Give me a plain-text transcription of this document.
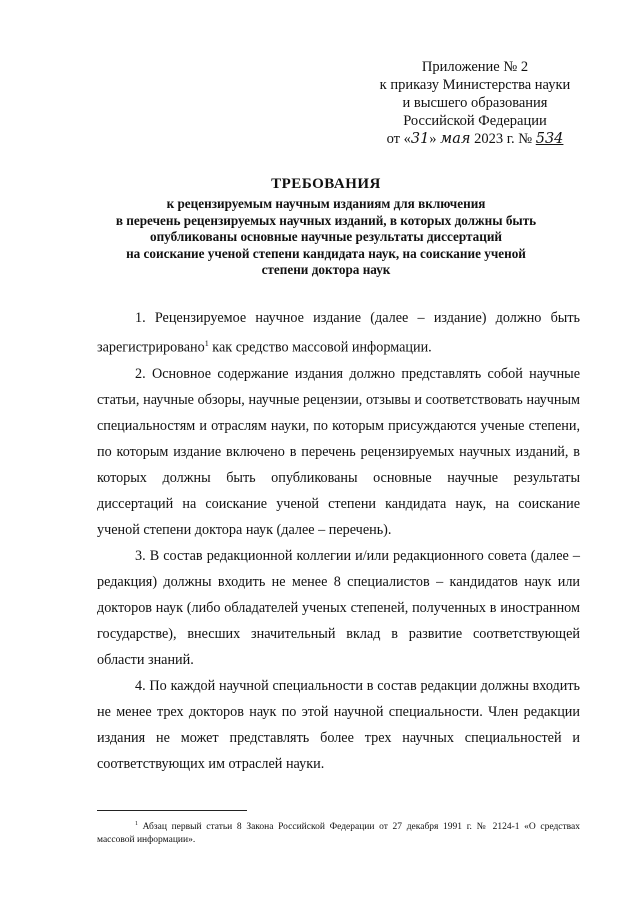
Приложение № 2
к приказу Министерства науки
и высшего образования
Российской Федерации
от «31» мая 2023 г. № 534
ТРЕБОВАНИЯ
к рецензируемым научным изданиям для включения
в перечень рецензируемых научных изданий, в которых должны быть
опубликованы основные научные результаты диссертаций
на соискание ученой степени кандидата наук, на соискание ученой
степени доктора наук

1. Рецензируемое научное издание (далее – издание) должно быть зарегистрировано$^1$ как средство массовой информации.

2. Основное содержание издания должно представлять собой научные статьи, научные обзоры, научные рецензии, отзывы и соответствовать научным специальностям и отраслям науки, по которым присуждаются ученые степени, по которым издание включено в перечень рецензируемых научных изданий, в которых должны быть опубликованы основные научные результаты диссертаций на соискание ученой степени кандидата наук, на соискание ученой степени доктора наук (далее – перечень).

3. В состав редакционной коллегии и/или редакционного совета (далее – редакция) должны входить не менее 8 специалистов – кандидатов наук или докторов наук (либо обладателей ученых степеней, полученных в иностранном государстве), внесших значительный вклад в развитие соответствующей области знаний.

4. По каждой научной специальности в состав редакции должны входить не менее трех докторов наук по этой научной специальности. Член редакции издания не может представлять более трех научных специальностей и соответствующих им отраслей науки.

$^1$ Абзац первый статьи 8 Закона Российской Федерации от 27 декабря 1991 г. № 2124-1 «О средствах массовой информации».
